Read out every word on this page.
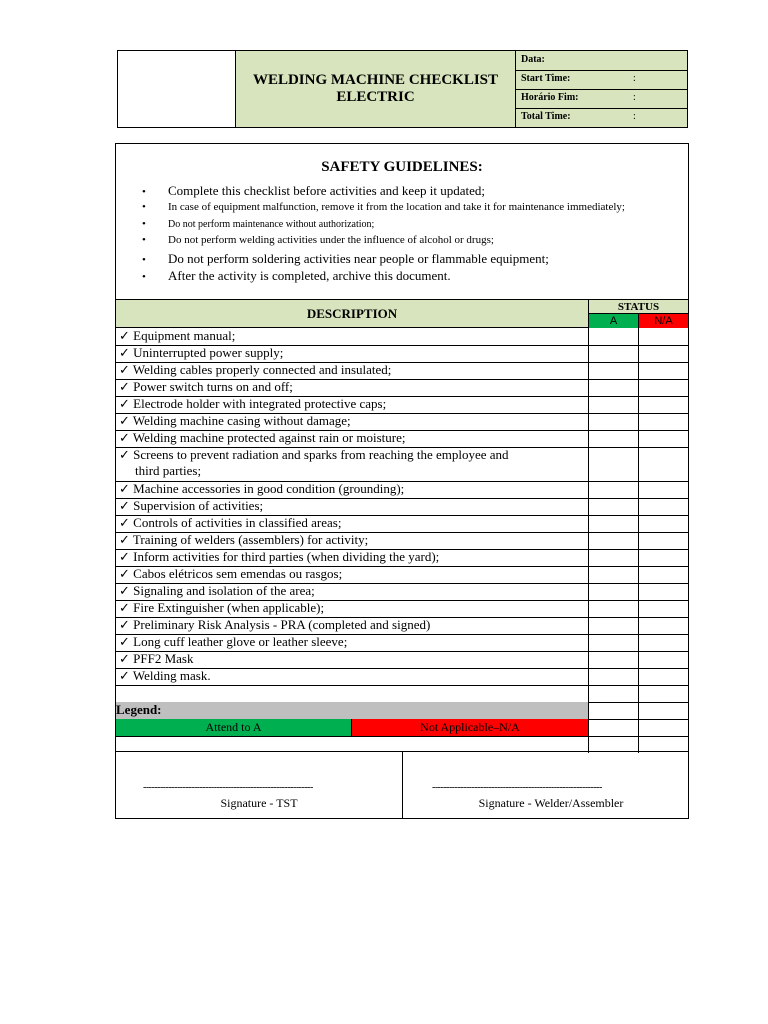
WELDING MACHINE CHECKLIST
ELECTRIC
Data:
Start Time:	:
Horário Fim:	:
Total Time:	:
SAFETY GUIDELINES:
• Complete this checklist before activities and keep it updated;
• In case of equipment malfunction, remove it from the location and take it for maintenance immediately;
• Do not perform maintenance without authorization;
• Do not perform welding activities under the influence of alcohol or drugs;
• Do not perform soldering activities near people or flammable equipment;
• After the activity is completed, archive this document.
DESCRIPTION	STATUS
A	N/A
✓ Equipment manual;
✓ Uninterrupted power supply;
✓ Welding cables properly connected and insulated;
✓ Power switch turns on and off;
✓ Electrode holder with integrated protective caps;
✓ Welding machine casing without damage;
✓ Welding machine protected against rain or moisture;
✓ Screens to prevent radiation and sparks from reaching the employee and
third parties;
✓ Machine accessories in good condition (grounding);
✓ Supervision of activities;
✓ Controls of activities in classified areas;
✓ Training of welders (assemblers) for activity;
✓ Inform activities for third parties (when dividing the yard);
✓ Cabos elétricos sem emendas ou rasgos;
✓ Signaling and isolation of the area;
✓ Fire Extinguisher (when applicable);
✓ Preliminary Risk Analysis - PRA (completed and signed)
✓ Long cuff leather glove or leather sleeve;
✓ PFF2 Mask
✓ Welding mask.
Legend:
Attend to A	Not Applicable–N/A
------------------------------------------------------------
Signature - TST
------------------------------------------------------------
Signature - Welder/Assembler
